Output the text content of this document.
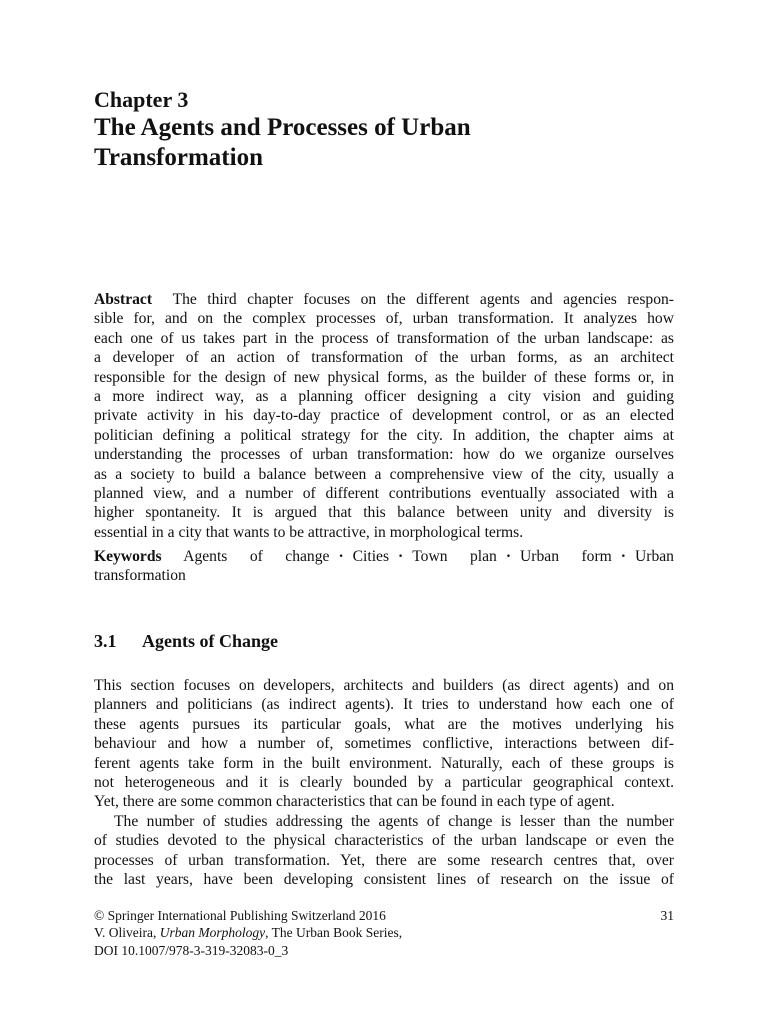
Chapter 3
The Agents and Processes of Urban
Transformation
Abstract The third chapter focuses on the different agents and agencies respon-
sible for, and on the complex processes of, urban transformation. It analyzes how
each one of us takes part in the process of transformation of the urban landscape: as
a developer of an action of transformation of the urban forms, as an architect
responsible for the design of new physical forms, as the builder of these forms or, in
a more indirect way, as a planning officer designing a city vision and guiding
private activity in his day-to-day practice of development control, or as an elected
politician defining a political strategy for the city. In addition, the chapter aims at
understanding the processes of urban transformation: how do we organize ourselves
as a society to build a balance between a comprehensive view of the city, usually a
planned view, and a number of different contributions eventually associated with a
higher spontaneity. It is argued that this balance between unity and diversity is
essential in a city that wants to be attractive, in morphological terms.
Keywords Agents of change · Cities · Town plan · Urban form · Urban
transformation
3.1 Agents of Change

This section focuses on developers, architects and builders (as direct agents) and on
planners and politicians (as indirect agents). It tries to understand how each one of
these agents pursues its particular goals, what are the motives underlying his
behaviour and how a number of, sometimes conflictive, interactions between dif-
ferent agents take form in the built environment. Naturally, each of these groups is
not heterogeneous and it is clearly bounded by a particular geographical context.
Yet, there are some common characteristics that can be found in each type of agent.

The number of studies addressing the agents of change is lesser than the number
of studies devoted to the physical characteristics of the urban landscape or even the
processes of urban transformation. Yet, there are some research centres that, over
the last years, have been developing consistent lines of research on the issue of

© Springer International Publishing Switzerland 2016
V. Oliveira, Urban Morphology, The Urban Book Series,
DOI 10.1007/978-3-319-32083-0_3
31
